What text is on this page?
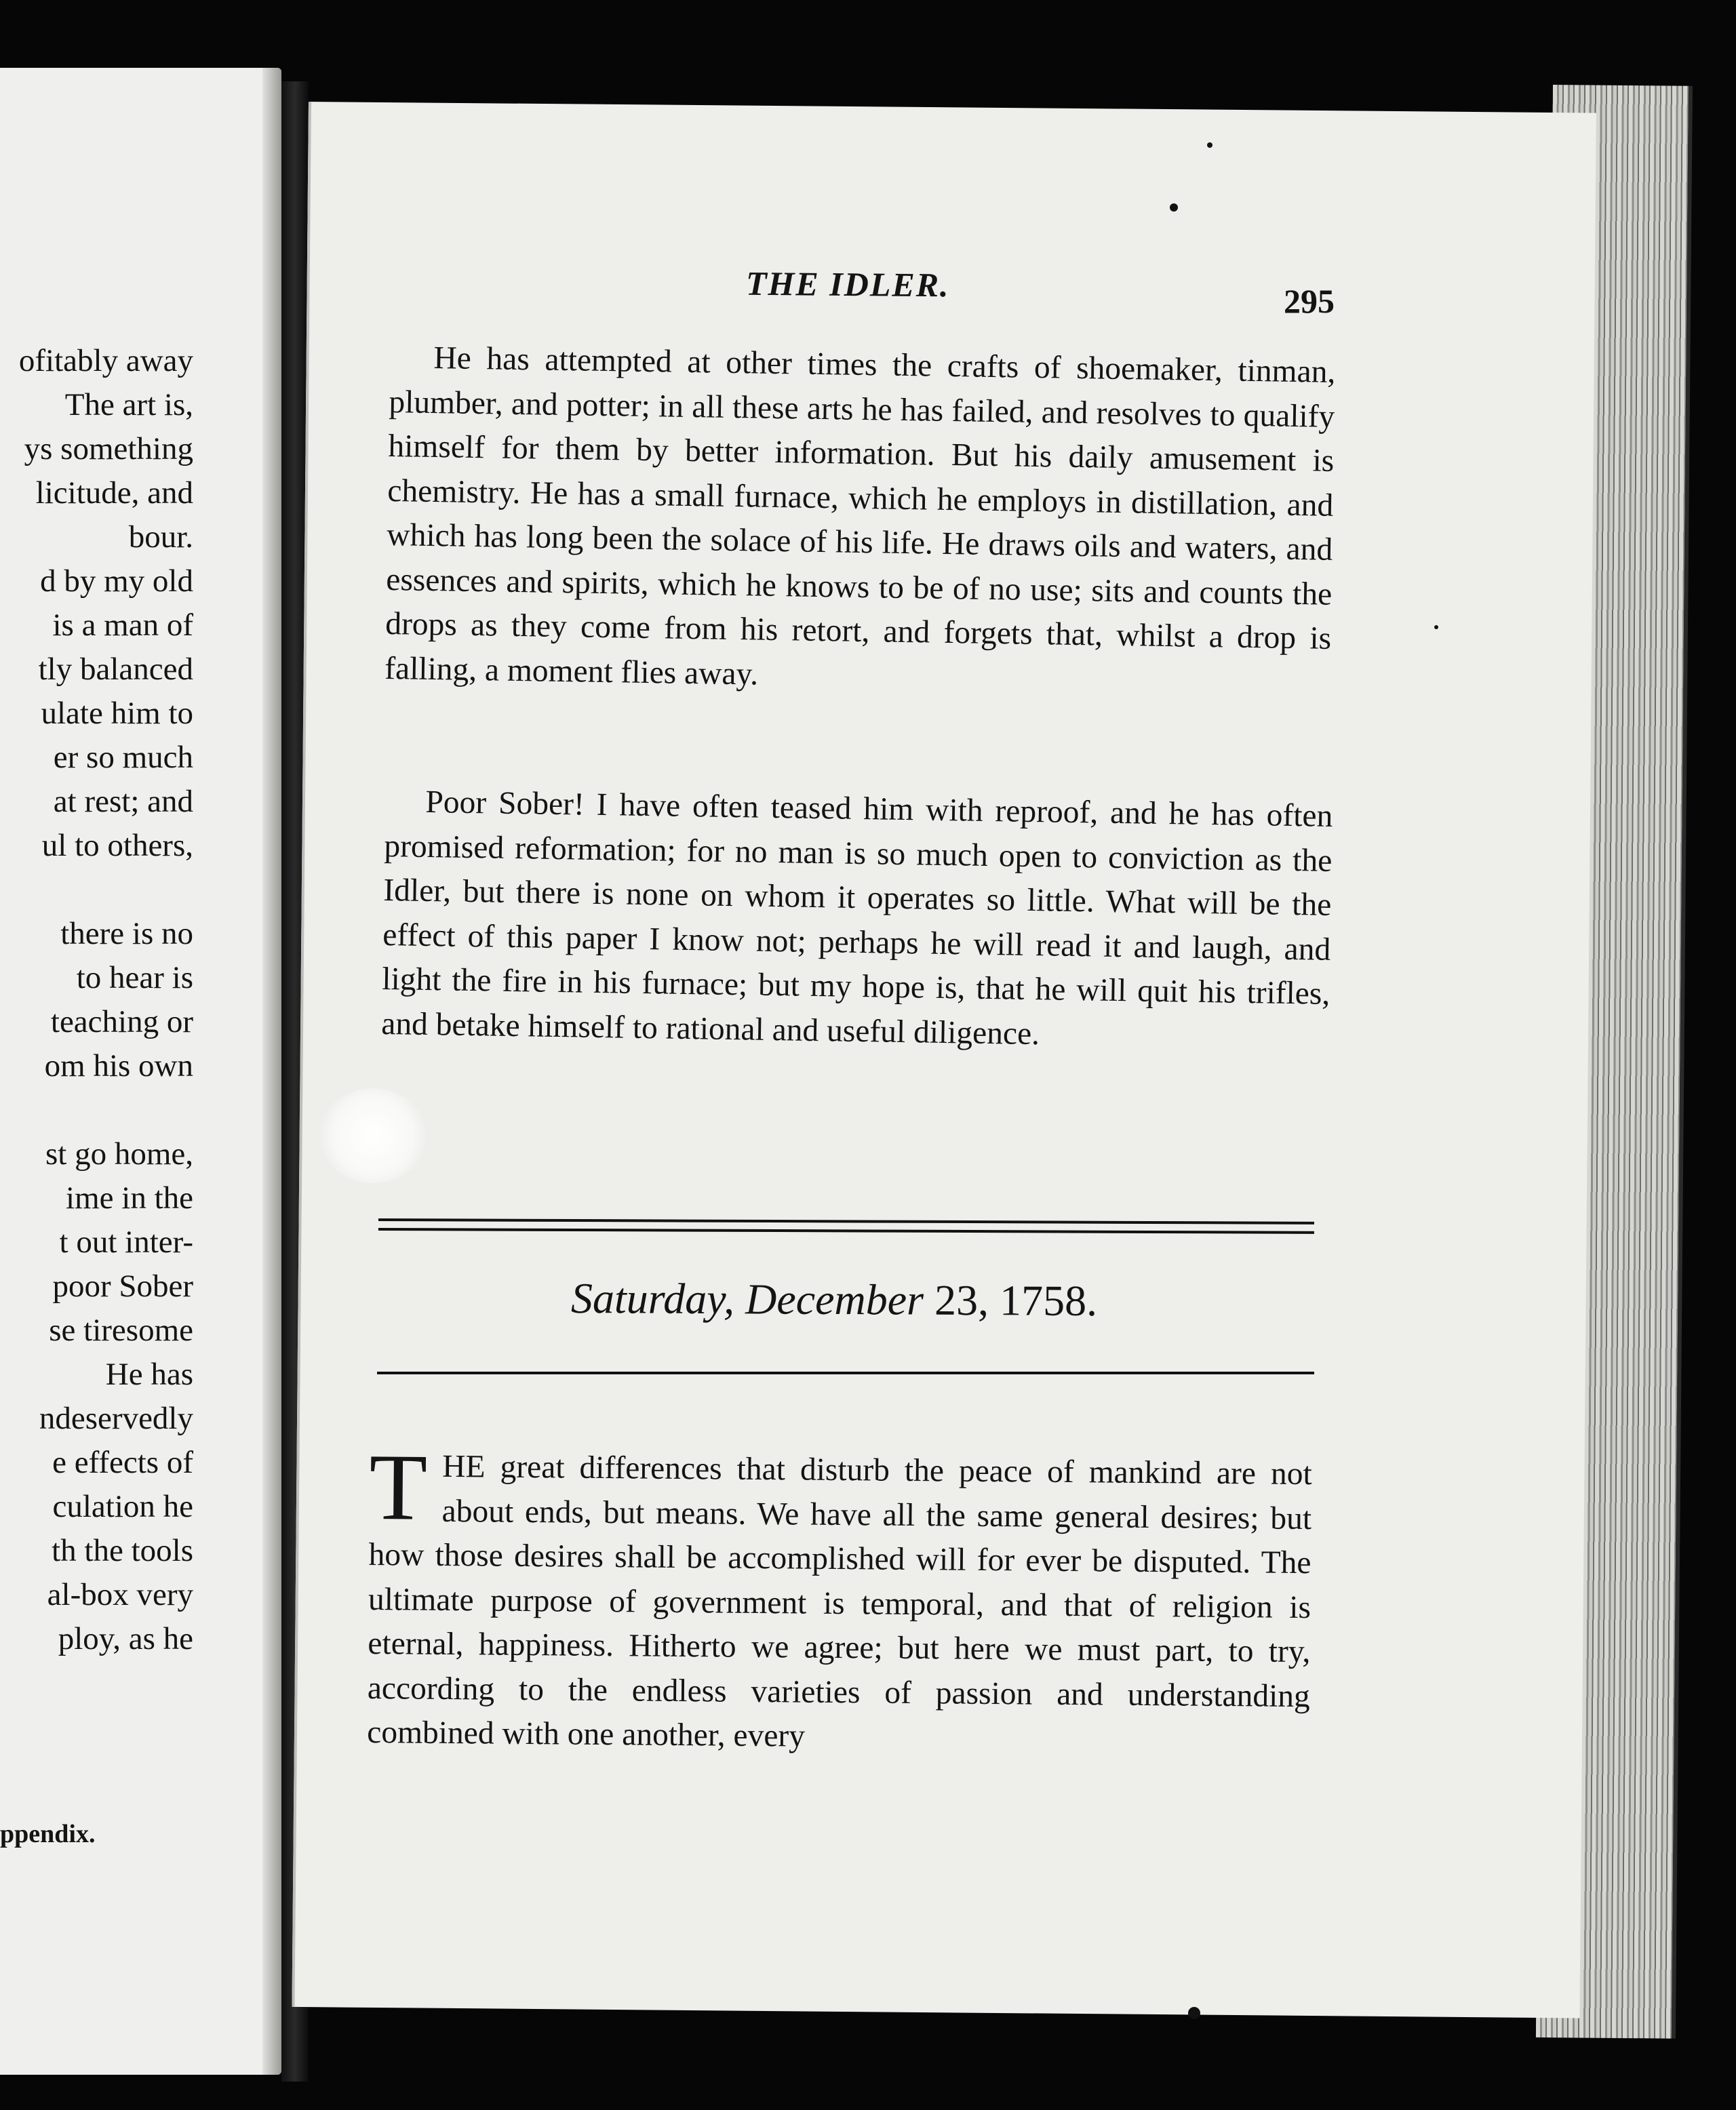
ofitably away
The art is,
ys something
licitude, and
bour.
d by my old
is a man of
tly balanced
ulate him to
er so much
at rest; and
ul to others,
there is no
to hear is
teaching or
om his own
st go home,
ime in the
t out inter-
poor Sober
se tiresome
He has
ndeservedly
e effects of
culation he
th the tools
al-box very
ploy, as he
ppendix.
THE IDLER.	295
He has attempted at other times the crafts of shoemaker, tinman, plumber, and potter; in all these arts he has failed, and resolves to qualify himself for them by better information. But his daily amusement is chemistry. He has a small furnace, which he employs in distillation, and which has long been the solace of his life. He draws oils and waters, and essences and spirits, which he knows to be of no use; sits and counts the drops as they come from his retort, and forgets that, whilst a drop is falling, a moment flies away.
Poor Sober! I have often teased him with reproof, and he has often promised reformation; for no man is so much open to conviction as the Idler, but there is none on whom it operates so little. What will be the effect of this paper I know not; perhaps he will read it and laugh, and light the fire in his furnace; but my hope is, that he will quit his trifles, and betake himself to rational and useful diligence.
Saturday, December 23, 1758.
T HE great differences that disturb the peace of mankind are not about ends, but means. We have all the same general desires; but how those desires shall be accomplished will for ever be disputed. The ultimate purpose of government is temporal, and that of religion is eternal, happiness. Hitherto we agree; but here we must part, to try, according to the endless varieties of passion and understanding combined with one another, every
